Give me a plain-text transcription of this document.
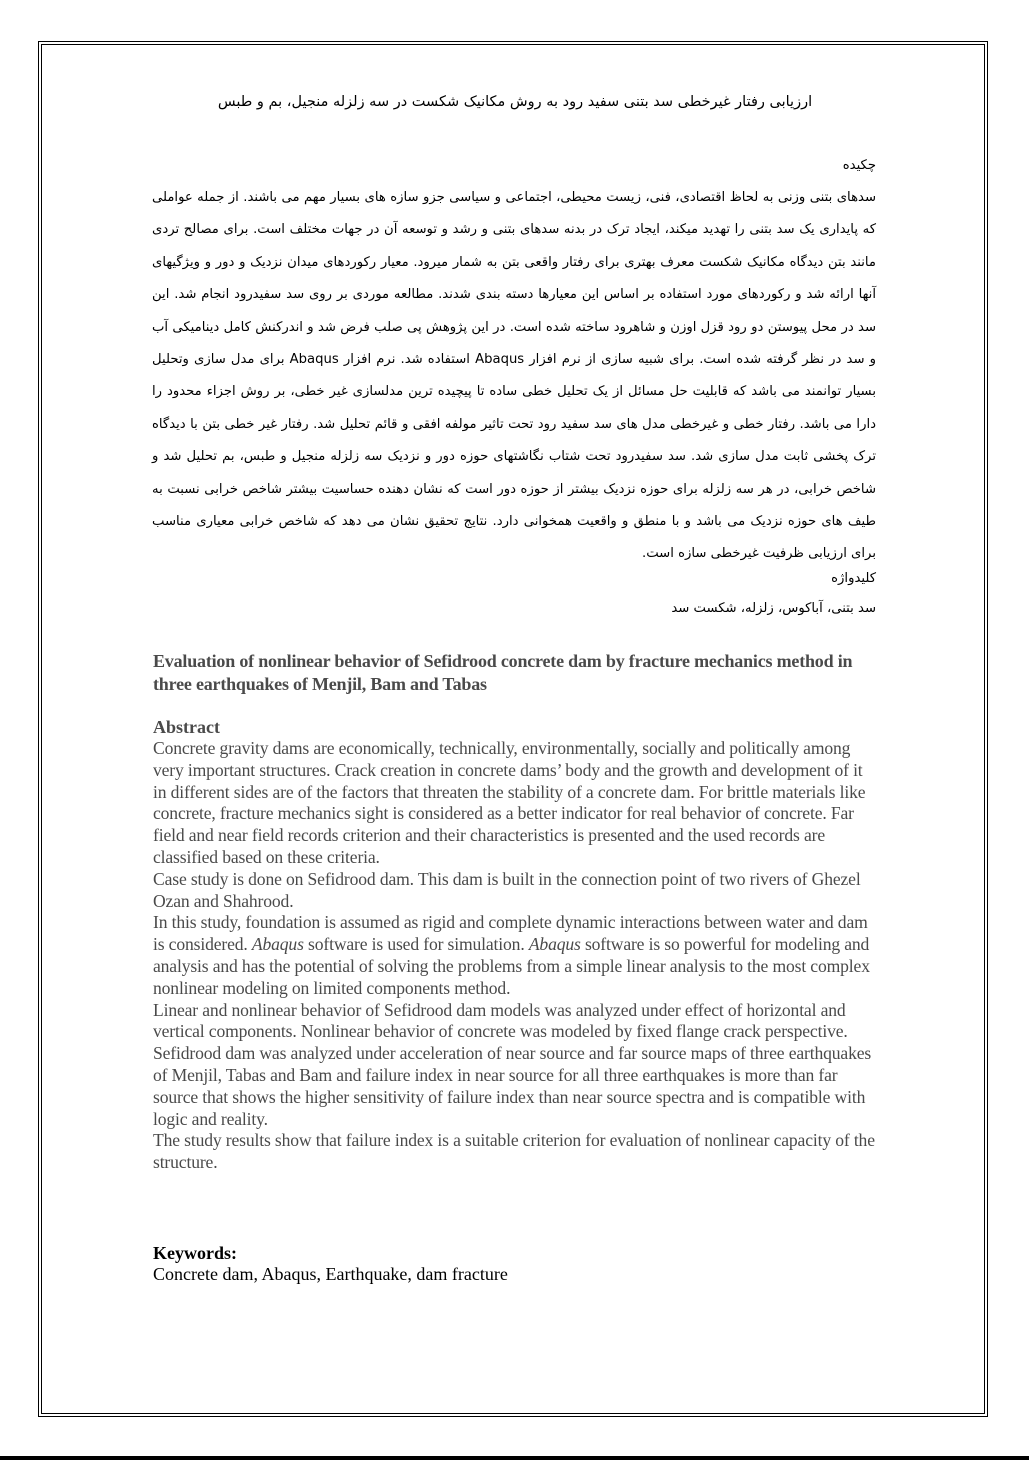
ارزیابی رفتار غیرخطی سد بتنی سفید رود به روش مکانیک شکست در سه زلزله منجیل، بم و طبس
چکیده
سدهای بتنی وزنی به لحاظ اقتصادی، فنی، زیست محیطی، اجتماعی و سیاسی جزو سازه های بسیار مهم می باشند. از جمله عواملی که پایداری یک سد بتنی را تهدید میکند، ایجاد ترک در بدنه سدهای بتنی و رشد و توسعه آن در جهات مختلف است. برای مصالح تردی مانند بتن دیدگاه مکانیک شکست معرف بهتری برای رفتار واقعی بتن به شمار میرود. معیار رکوردهای میدان نزدیک و دور و ویژگیهای آنها ارائه شد و رکوردهای مورد استفاده بر اساس این معیارها دسته بندی شدند. مطالعه موردی بر روی سد سفیدرود انجام شد. این سد در محل پیوستن دو رود قزل اوزن و شاهرود ساخته شده است. در این پژوهش پی صلب فرض شد و اندرکنش کامل دینامیکی آب و سد در نظر گرفته شده است. برای شبیه سازی از نرم افزار Abaqus استفاده شد. نرم افزار Abaqus برای مدل سازی وتحلیل بسیار توانمند می باشد که قابلیت حل مسائل از یک تحلیل خطی ساده تا پیچیده ترین مدلسازی غیر خطی، بر روش اجزاء محدود را دارا می باشد. رفتار خطی و غیرخطی مدل های سد سفید رود تحت تاثیر مولفه افقی و قائم تحلیل شد. رفتار غیر خطی بتن با دیدگاه ترک پخشی ثابت مدل سازی شد. سد سفیدرود تحت شتاب نگاشتهای حوزه دور و نزدیک سه زلزله منجیل و طبس، بم تحلیل شد و شاخص خرابی، در هر سه زلزله برای حوزه نزدیک بیشتر از حوزه دور است که نشان دهنده حساسیت بیشتر شاخص خرابی نسبت به طیف های حوزه نزدیک می باشد و با منطق و واقعیت همخوانی دارد. نتایج تحقیق نشان می دهد که شاخص خرابی معیاری مناسب برای ارزیابی ظرفیت غیرخطی سازه است.
کلیدواژه
سد بتنی، آباکوس، زلزله، شکست سد
Evaluation of nonlinear behavior of Sefidrood concrete dam by fracture mechanics method in three earthquakes of Menjil, Bam and Tabas
Abstract

Concrete gravity dams are economically, technically, environmentally, socially and politically among very important structures. Crack creation in concrete dams’ body and the growth and development of it in different sides are of the factors that threaten the stability of a concrete dam. For brittle materials like concrete, fracture mechanics sight is considered as a better indicator for real behavior of concrete. Far field and near field records criterion and their characteristics is presented and the used records are classified based on these criteria.

Case study is done on Sefidrood dam. This dam is built in the connection point of two rivers of Ghezel Ozan and Shahrood.

In this study, foundation is assumed as rigid and complete dynamic interactions between water and dam is considered. Abaqus software is used for simulation. Abaqus software is so powerful for modeling and analysis and has the potential of solving the problems from a simple linear analysis to the most complex nonlinear modeling on limited components method.

Linear and nonlinear behavior of Sefidrood dam models was analyzed under effect of horizontal and vertical components. Nonlinear behavior of concrete was modeled by fixed flange crack perspective.

Sefidrood dam was analyzed under acceleration of near source and far source maps of three earthquakes of Menjil, Tabas and Bam and failure index in near source for all three earthquakes is more than far source that shows the higher sensitivity of failure index than near source spectra and is compatible with logic and reality.

The study results show that failure index is a suitable criterion for evaluation of nonlinear capacity of the structure.

Keywords:
Concrete dam, Abaqus, Earthquake, dam fracture
